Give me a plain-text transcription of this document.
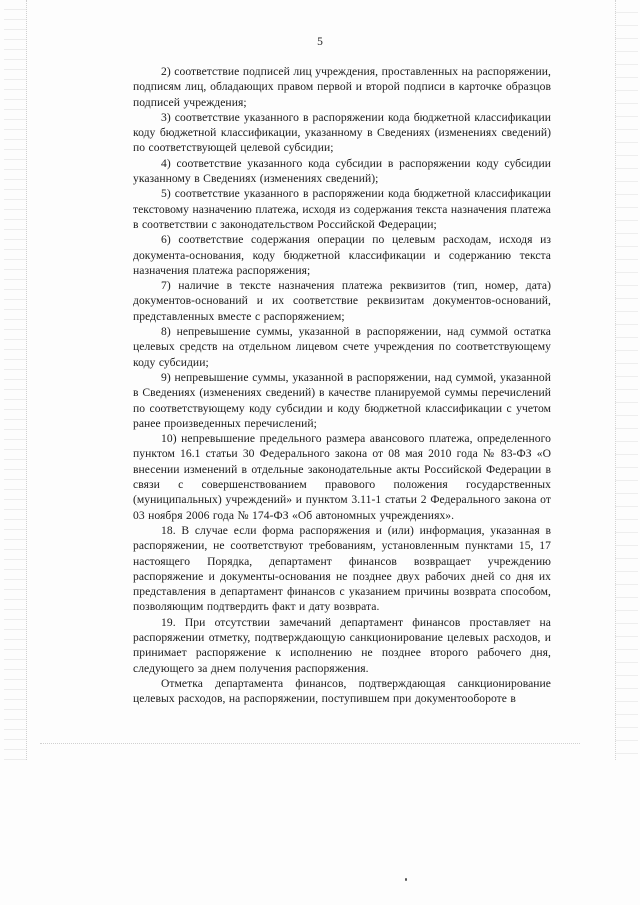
5

2) соответствие подписей лиц учреждения, проставленных на распоряжении, подписям лиц, обладающих правом первой и второй подписи в карточке образцов подписей учреждения;

3) соответствие указанного в распоряжении кода бюджетной классификации коду бюджетной классификации, указанному в Сведениях (изменениях сведений) по соответствующей целевой субсидии;

4) соответствие указанного кода субсидии в распоряжении коду субсидии указанному в Сведениях (изменениях сведений);

5) соответствие указанного в распоряжении кода бюджетной классификации текстовому назначению платежа, исходя из содержания текста назначения платежа в соответствии с законодательством Российской Федерации;

6) соответствие содержания операции по целевым расходам, исходя из документа-основания, коду бюджетной классификации и содержанию текста назначения платежа распоряжения;

7) наличие в тексте назначения платежа реквизитов (тип, номер, дата) документов-оснований и их соответствие реквизитам документов-оснований, представленных вместе с распоряжением;

8) непревышение суммы, указанной в распоряжении, над суммой остатка целевых средств на отдельном лицевом счете учреждения по соответствующему коду субсидии;

9) непревышение суммы, указанной в распоряжении, над суммой, указанной в Сведениях (изменениях сведений) в качестве планируемой суммы перечислений по соответствующему коду субсидии и коду бюджетной классификации с учетом ранее произведенных перечислений;

10) непревышение предельного размера авансового платежа, определенного пунктом 16.1 статьи 30 Федерального закона от 08 мая 2010 года № 83-ФЗ «О внесении изменений в отдельные законодательные акты Российской Федерации в связи с совершенствованием правового положения государственных (муниципальных) учреждений» и пунктом 3.11-1 статьи 2 Федерального закона от 03 ноября 2006 года № 174-ФЗ «Об автономных учреждениях».

18. В случае если форма распоряжения и (или) информация, указанная в распоряжении, не соответствуют требованиям, установленным пунктами 15, 17 настоящего Порядка, департамент финансов возвращает учреждению распоряжение и документы-основания не позднее двух рабочих дней со дня их представления в департамент финансов с указанием причины возврата способом, позволяющим подтвердить факт и дату возврата.

19. При отсутствии замечаний департамент финансов проставляет на распоряжении отметку, подтверждающую санкционирование целевых расходов, и принимает распоряжение к исполнению не позднее второго рабочего дня, следующего за днем получения распоряжения.

Отметка департамента финансов, подтверждающая санкционирование целевых расходов, на распоряжении, поступившем при документообороте в
